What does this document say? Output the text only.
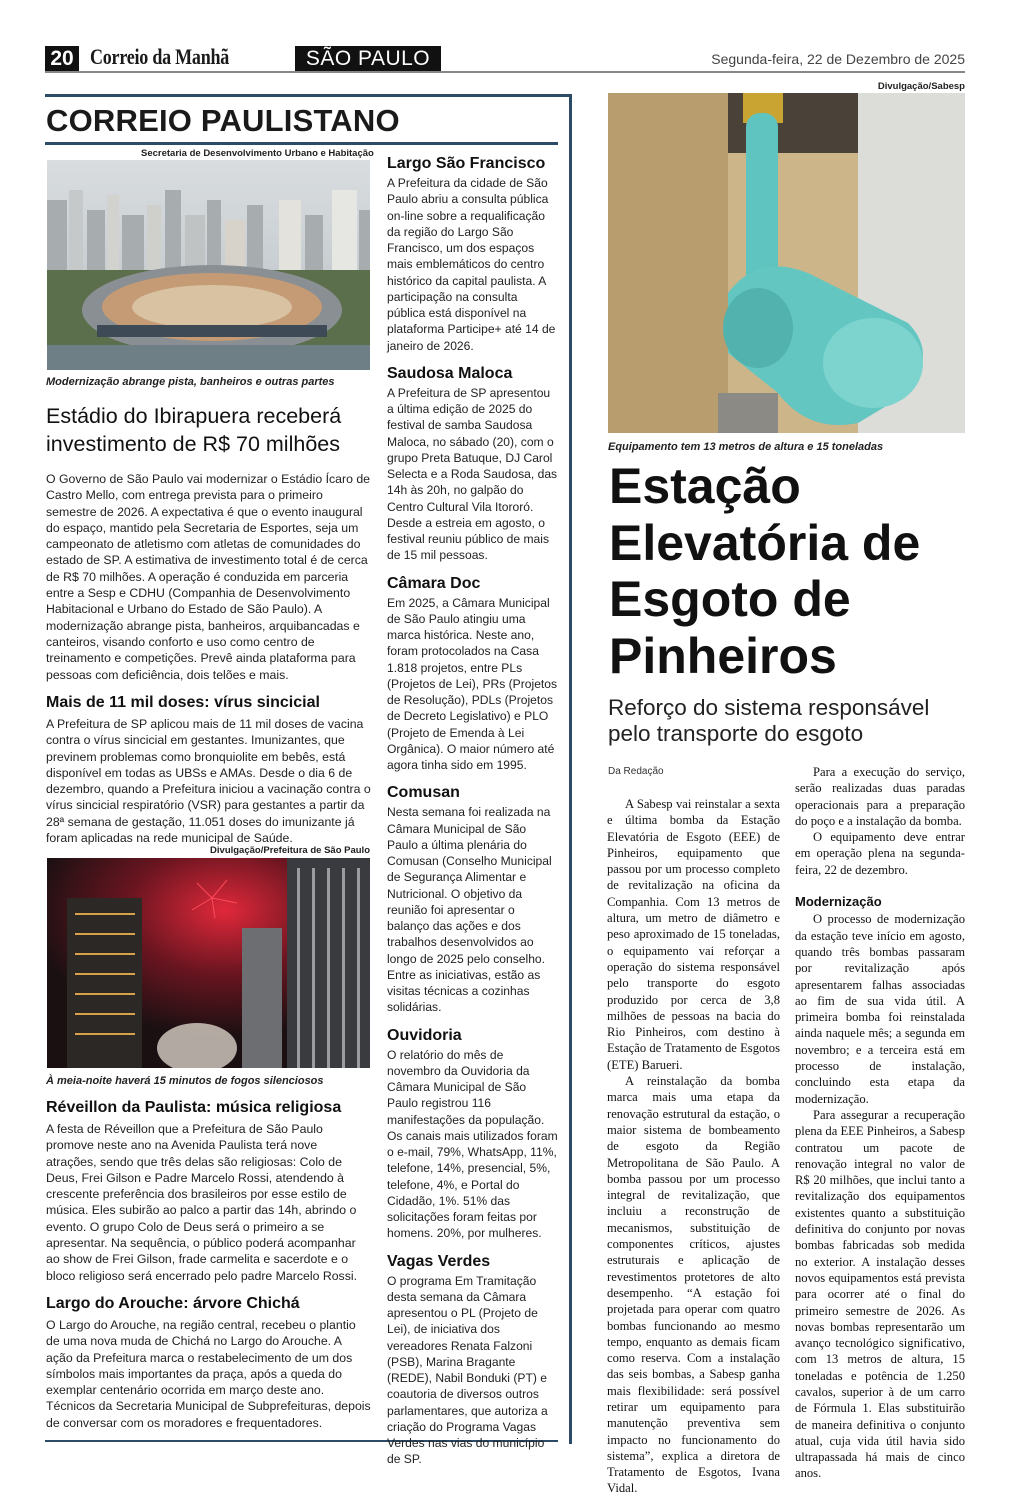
20 Correio da Manhã	SÃO PAULO	Segunda-feira, 22 de Dezembro de 2025
CORREIO PAULISTANO
Secretaria de Desenvolvimento Urbano e Habitação
Modernização abrange pista, banheiros e outras partes
Estádio do Ibirapuera receberá investimento de R$ 70 milhões
O Governo de São Paulo vai modernizar o Estádio Ícaro de Castro Mello, com entrega prevista para o primeiro semestre de 2026. A expectativa é que o evento inaugural do espaço, mantido pela Secretaria de Esportes, seja um campeonato de atletismo com atletas de comunidades do estado de SP. A estimativa de investimento total é de cerca de R$ 70 milhões. A operação é conduzida em parceria entre a Sesp e CDHU (Companhia de Desenvolvimento Habitacional e Urbano do Estado de São Paulo). A modernização abrange pista, banheiros, arquibancadas e canteiros, visando conforto e uso como centro de treinamento e competições. Prevê ainda plataforma para pessoas com deficiência, dois telões e mais.
Mais de 11 mil doses: vírus sincicial
A Prefeitura de SP aplicou mais de 11 mil doses de vacina contra o vírus sincicial em gestantes. Imunizantes, que previnem problemas como bronquiolite em bebês, está disponível em todas as UBSs e AMAs. Desde o dia 6 de dezembro, quando a Prefeitura iniciou a vacinação contra o vírus sincicial respiratório (VSR) para gestantes a partir da 28ª semana de gestação, 11.051 doses do imunizante já foram aplicadas na rede municipal de Saúde.
Divulgação/Prefeitura de São Paulo
À meia-noite haverá 15 minutos de fogos silenciosos
Réveillon da Paulista: música religiosa
A festa de Réveillon que a Prefeitura de São Paulo promove neste ano na Avenida Paulista terá nove atrações, sendo que três delas são religiosas: Colo de Deus, Frei Gilson e Padre Marcelo Rossi, atendendo à crescente preferência dos brasileiros por esse estilo de música. Eles subirão ao palco a partir das 14h, abrindo o evento. O grupo Colo de Deus será o primeiro a se apresentar. Na sequência, o público poderá acompanhar ao show de Frei Gilson, frade carmelita e sacerdote e o bloco religioso será encerrado pelo padre Marcelo Rossi.
Largo do Arouche: árvore Chichá
O Largo do Arouche, na região central, recebeu o plantio de uma nova muda de Chichá no Largo do Arouche. A ação da Prefeitura marca o restabelecimento de um dos símbolos mais importantes da praça, após a queda do exemplar centenário ocorrida em março deste ano. Técnicos da Secretaria Municipal de Subprefeituras, depois de conversar com os moradores e frequentadores.
Largo São Francisco

A Prefeitura da cidade de São Paulo abriu a consulta pública on-line sobre a requalificação da região do Largo São Francisco, um dos espaços mais emblemáticos do centro histórico da capital paulista. A participação na consulta pública está disponível na plataforma Participe+ até 14 de janeiro de 2026.

Saudosa Maloca

A Prefeitura de SP apresentou a última edição de 2025 do festival de samba Saudosa Maloca, no sábado (20), com o grupo Preta Batuque, DJ Carol Selecta e a Roda Saudosa, das 14h às 20h, no galpão do Centro Cultural Vila Itororó. Desde a estreia em agosto, o festival reuniu público de mais de 15 mil pessoas.

Câmara Doc

Em 2025, a Câmara Municipal de São Paulo atingiu uma marca histórica. Neste ano, foram protocolados na Casa 1.818 projetos, entre PLs (Projetos de Lei), PRs (Projetos de Resolução), PDLs (Projetos de Decreto Legislativo) e PLO (Projeto de Emenda à Lei Orgânica). O maior número até agora tinha sido em 1995.

Comusan

Nesta semana foi realizada na Câmara Municipal de São Paulo a última plenária do Comusan (Conselho Municipal de Segurança Alimentar e Nutricional. O objetivo da reunião foi apresentar o balanço das ações e dos trabalhos desenvolvidos ao longo de 2025 pelo conselho. Entre as iniciativas, estão as visitas técnicas a cozinhas solidárias.

Ouvidoria

O relatório do mês de novembro da Ouvidoria da Câmara Municipal de São Paulo registrou 116 manifestações da população. Os canais mais utilizados foram o e-mail, 79%, WhatsApp, 11%, telefone, 14%, presencial, 5%, telefone, 4%, e Portal do Cidadão, 1%. 51% das solicitações foram feitas por homens. 20%, por mulheres.

Vagas Verdes

O programa Em Tramitação desta semana da Câmara apresentou o PL (Projeto de Lei), de iniciativa dos vereadores Renata Falzoni (PSB), Marina Bragante (REDE), Nabil Bonduki (PT) e coautoria de diversos outros parlamentares, que autoriza a criação do Programa Vagas Verdes nas vias do município de SP.

Divulgação/Sabesp
Equipamento tem 13 metros de altura e 15 toneladas
Estação Elevatória de Esgoto de Pinheiros
Reforço do sistema responsável pelo transporte do esgoto
Da Redação

A Sabesp vai reinstalar a sexta e última bomba da Estação Elevatória de Esgoto (EEE) de Pinheiros, equipamento que passou por um processo completo de revitalização na oficina da Companhia. Com 13 metros de altura, um metro de diâmetro e peso aproximado de 15 toneladas, o equipamento vai reforçar a operação do sistema responsável pelo transporte do esgoto produzido por cerca de 3,8 milhões de pessoas na bacia do Rio Pinheiros, com destino à Estação de Tratamento de Esgotos (ETE) Barueri.

A reinstalação da bomba marca mais uma etapa da renovação estrutural da estação, o maior sistema de bombeamento de esgoto da Região Metropolitana de São Paulo. A bomba passou por um processo integral de revitalização, que incluiu a reconstrução de mecanismos, substituição de componentes críticos, ajustes estruturais e aplicação de revestimentos protetores de alto desempenho. “A estação foi projetada para operar com quatro bombas funcionando ao mesmo tempo, enquanto as demais ficam como reserva. Com a instalação das seis bombas, a Sabesp ganha mais flexibilidade: será possível retirar um equipamento para manutenção preventiva sem impacto no funcionamento do sistema”, explica a diretora de Tratamento de Esgotos, Ivana Vidal.

Para a execução do serviço, serão realizadas duas paradas operacionais para a preparação do poço e a instalação da bomba.

O equipamento deve entrar em operação plena na segunda-feira, 22 de dezembro.

Modernização

O processo de modernização da estação teve início em agosto, quando três bombas passaram por revitalização após apresentarem falhas associadas ao fim de sua vida útil. A primeira bomba foi reinstalada ainda naquele mês; a segunda em novembro; e a terceira está em processo de instalação, concluindo esta etapa da modernização.

Para assegurar a recuperação plena da EEE Pinheiros, a Sabesp contratou um pacote de renovação integral no valor de R$ 20 milhões, que inclui tanto a revitalização dos equipamentos existentes quanto a substituição definitiva do conjunto por novas bombas fabricadas sob medida no exterior. A instalação desses novos equipamentos está prevista para ocorrer até o final do primeiro semestre de 2026. As novas bombas representarão um avanço tecnológico significativo, com 13 metros de altura, 15 toneladas e potência de 1.250 cavalos, superior à de um carro de Fórmula 1. Elas substituirão de maneira definitiva o conjunto atual, cuja vida útil havia sido ultrapassada há mais de cinco anos.
